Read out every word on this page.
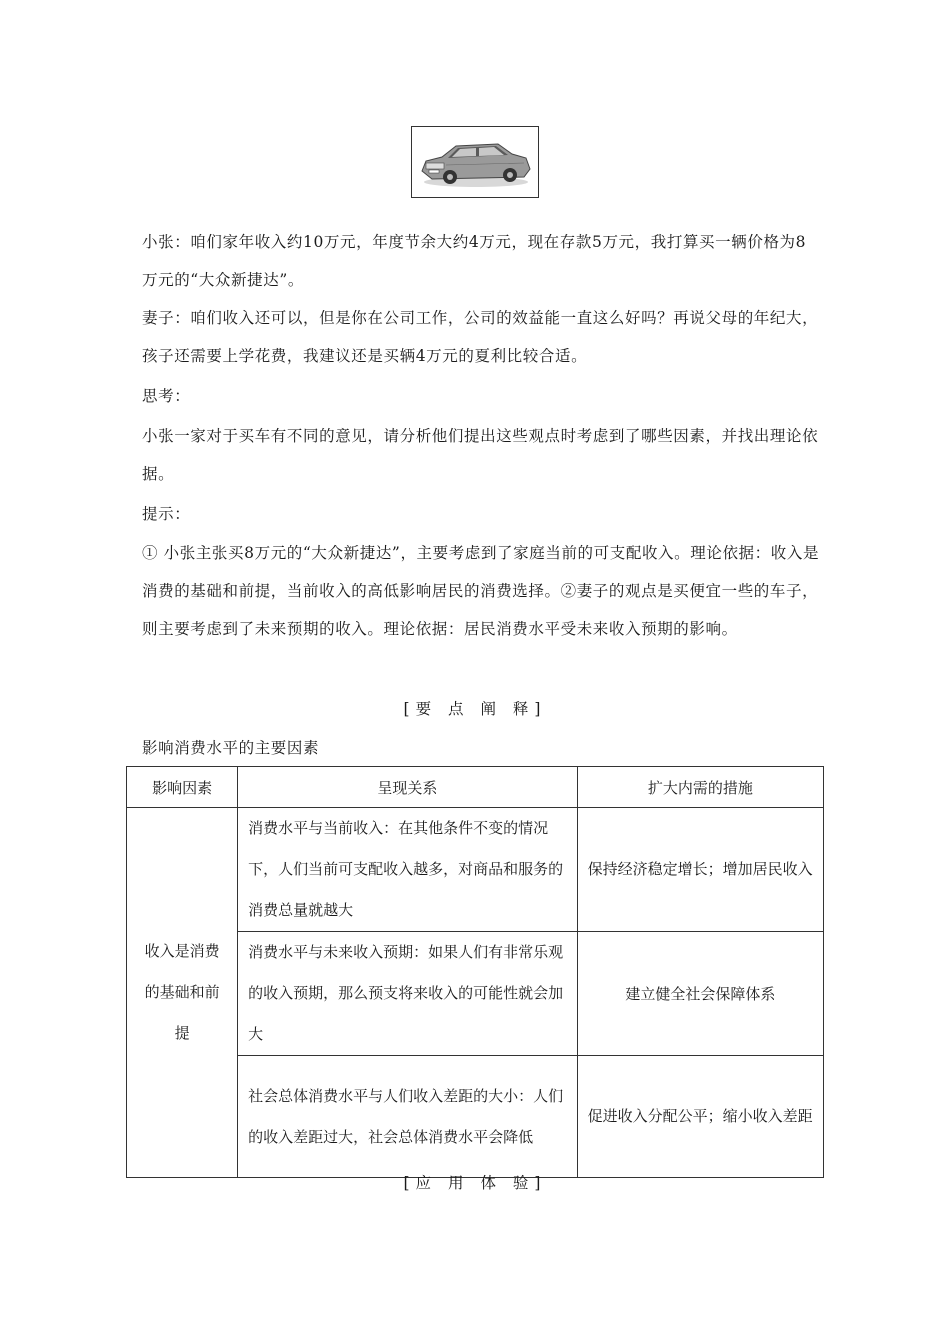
小张：咱们家年收入约10万元，年度节余大约4万元，现在存款5万元，我打算买一辆价格为8万元的“大众新捷达”。
妻子：咱们收入还可以，但是你在公司工作，公司的效益能一直这么好吗？再说父母的年纪大，孩子还需要上学花费，我建议还是买辆4万元的夏利比较合适。
思考：
小张一家对于买车有不同的意见，请分析他们提出这些观点时考虑到了哪些因素，并找出理论依据。
提示：
① 小张主张买8万元的“大众新捷达”，主要考虑到了家庭当前的可支配收入。理论依据：收入是消费的基础和前提，当前收入的高低影响居民的消费选择。②妻子的观点是买便宜一些的车子，则主要考虑到了未来预期的收入。理论依据：居民消费水平受未来收入预期的影响。
[要 点 阐 释]
影响消费水平的主要因素
影响因素	呈现关系	扩大内需的措施
收入是消费的基础和前提	消费水平与当前收入：在其他条件不变的情况下，人们当前可支配收入越多，对商品和服务的消费总量就越大	保持经济稳定增长；增加居民收入
	消费水平与未来收入预期：如果人们有非常乐观的收入预期，那么预支将来收入的可能性就会加大	建立健全社会保障体系
	社会总体消费水平与人们收入差距的大小：人们的收入差距过大，社会总体消费水平会降低	促进收入分配公平；缩小收入差距
[应 用 体 验]
